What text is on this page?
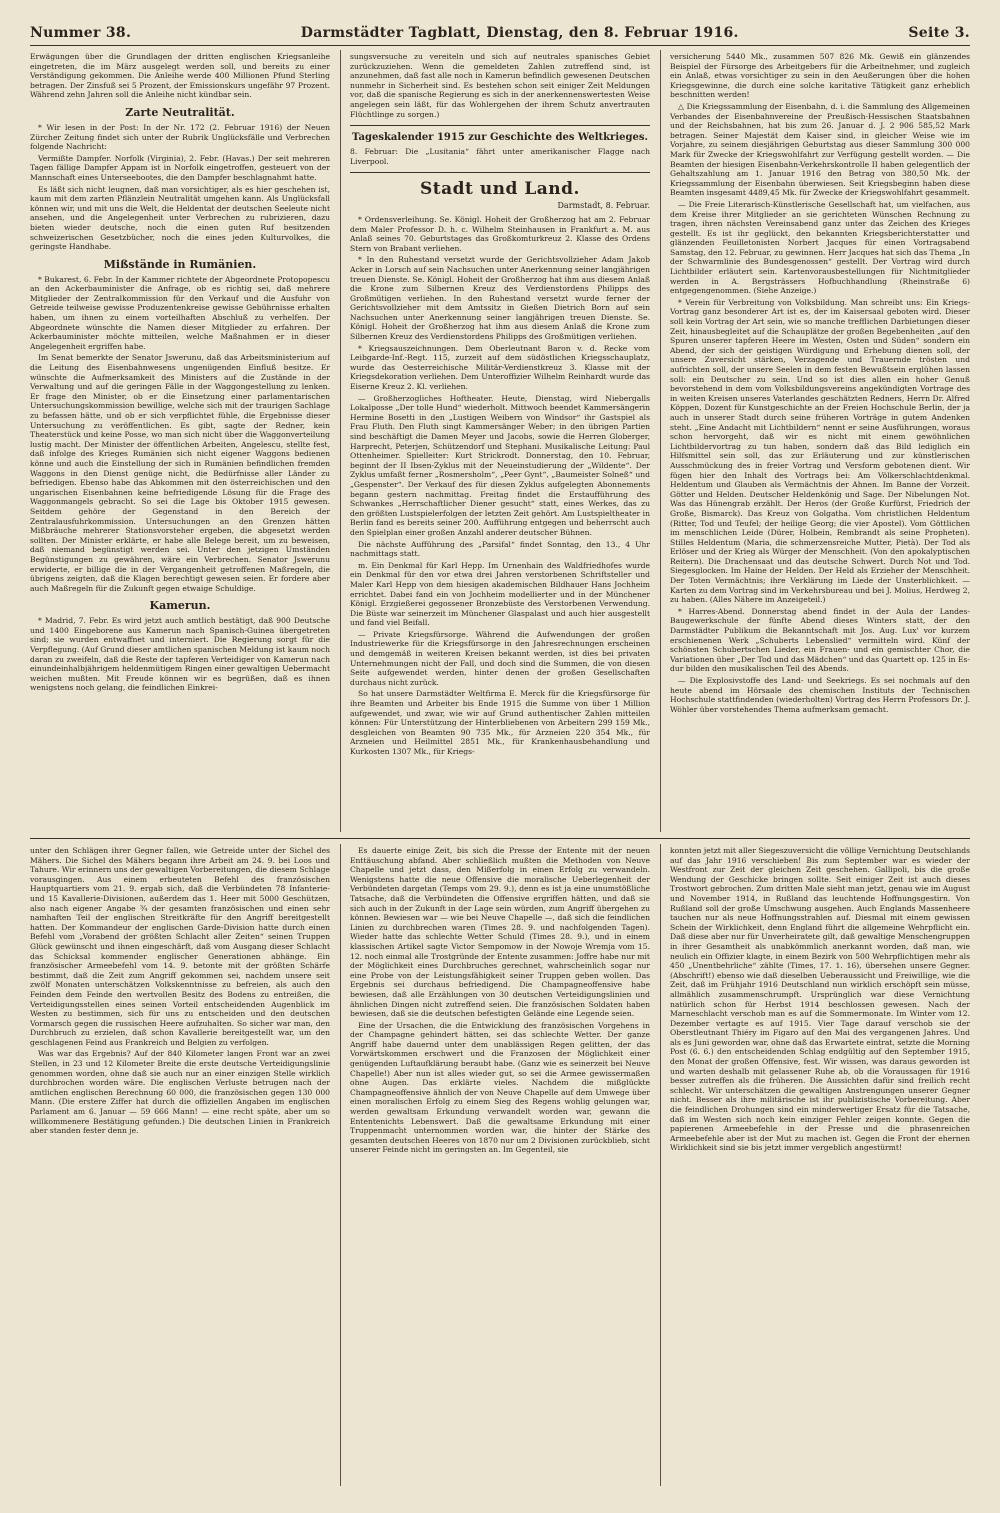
Nummer 38.	Darmstädter Tagblatt, Dienstag, den 8. Februar 1916.	Seite 3.

Erwägungen über die Grundlagen der dritten englischen Kriegsanleihe eingetreten, die im März ausgelegt werden soll, und bereits zu einer Verständigung gekommen. Die Anleihe werde 400 Millionen Pfund Sterling betragen. Der Zinsfuß sei 5 Prozent, der Emissionskurs ungefähr 97 Prozent. Während zehn Jahren soll die Anleihe nicht kündbar sein.

Zarte Neutralität.

* Wir lesen in der Post: In der Nr. 172 (2. Februar 1916) der Neuen Zürcher Zeitung findet sich unter der Rubrik Unglücksfälle und Verbrechen folgende Nachricht:

Vermißte Dampfer. Norfolk (Virginia), 2. Febr. (Havas.) Der seit mehreren Tagen fällige Dampfer Appam ist in Norfolk eingetroffen, gesteuert von der Mannschaft eines Unterseebootes, die den Dampfer beschlagnahmt hatte.

Es läßt sich nicht leugnen, daß man vorsichtiger, als es hier geschehen ist, kaum mit dem zarten Pflänzlein Neutralität umgehen kann. Als Unglücksfall können wir, und mit uns die Welt, die Heldentat der deutschen Seeleute nicht ansehen, und die Angelegenheit unter Verbrechen zu rubrizieren, dazu bieten wieder deutsche, noch die einen guten Ruf besitzenden schweizerischen Gesetzbücher, noch die eines jeden Kulturvolkes, die geringste Handhabe.

Mißstände in Rumänien.

* Bukarest, 6. Febr. In der Kammer richtete der Abgeordnete Protopopescu an den Ackerbauminister die Anfrage, ob es richtig sei, daß mehrere Mitglieder der Zentralkommission für den Verkauf und die Ausfuhr von Getreide teilweise gewisse Produzentenkreise gewisse Gebührnisse erhalten haben, um ihnen zu einem vorteilhaften Abschluß zu verhelfen. Der Abgeordnete wünschte die Namen dieser Mitglieder zu erfahren. Der Ackerbauminister möchte mitteilen, welche Maßnahmen er in dieser Angelegenheit ergriffen habe.

Im Senat bemerkte der Senator Jswerunu, daß das Arbeitsministerium auf die Leitung des Eisenbahnwesens ungenügenden Einfluß besitze. Er wünschte die Aufmerksamkeit des Ministers auf die Zustände in der Verwaltung und auf die geringen Fälle in der Waggongestellung zu lenken. Er frage den Minister, ob er die Einsetzung einer parlamentarischen Untersuchungskommission bewillige, welche sich mit der traurigen Sachlage zu befassen hätte, und ob er sich verpflichtet fühle, die Ergebnisse dieser Untersuchung zu veröffentlichen. Es gibt, sagte der Redner, kein Theaterstück und keine Posse, wo man sich nicht über die Waggonverteilung lustig macht. Der Minister der öffentlichen Arbeiten, Angelescu, stellte fest, daß infolge des Krieges Rumänien sich nicht eigener Waggons bedienen könne und auch die Einstellung der sich in Rumänien befindlichen fremden Waggons in den Dienst genüge nicht, die Bedürfnisse aller Länder zu befriedigen. Ebenso habe das Abkommen mit den österreichischen und den ungarischen Eisenbahnen keine befriedigende Lösung für die Frage des Waggonmangels gebracht. So sei die Lage bis Oktober 1915 gewesen. Seitdem gehöre der Gegenstand in den Bereich der Zentralausfuhrkommission. Untersuchungen an den Grenzen hätten Mißbräuche mehrerer Stationsvorsteher ergeben, die abgesetzt werden sollten. Der Minister erklärte, er habe alle Belege bereit, um zu beweisen, daß niemand begünstigt werden sei. Unter den jetzigen Umständen Begünstigungen zu gewähren, wäre ein Verbrechen. Senator Jswerunu erwiderte, er billige die in der Vergangenheit getroffenen Maßregeln, die übrigens zeigten, daß die Klagen berechtigt gewesen seien. Er fordere aber auch Maßregeln für die Zukunft gegen etwaige Schuldige.

Kamerun.

* Madrid, 7. Febr. Es wird jetzt auch amtlich bestätigt, daß 900 Deutsche und 1400 Eingeborene aus Kamerun nach Spanisch-Guinea übergetreten sind; sie wurden entwaffnet und interniert. Die Regierung sorgt für die Verpflegung. (Auf Grund dieser amtlichen spanischen Meldung ist kaum noch daran zu zweifeln, daß die Reste der tapferen Verteidiger von Kamerun nach einundeinhalbjährigem heldenmütigem Ringen einer gewaltigen Uebermacht weichen mußten. Mit Freude können wir es begrüßen, daß es ihnen wenigstens noch gelang, die feindlichen Einkrei-

sungsversuche zu vereiteln und sich auf neutrales spanisches Gebiet zurückzuziehen. Wenn die gemeldeten Zahlen zutreffend sind, ist anzunehmen, daß fast alle noch in Kamerun befindlich gewesenen Deutschen nunmehr in Sicherheit sind. Es bestehen schon seit einiger Zeit Meldungen vor, daß die spanische Regierung es sich in der anerkennenswertesten Weise angelegen sein läßt, für das Wohlergehen der ihrem Schutz anvertrauten Flüchtlinge zu sorgen.)

Tageskalender 1915 zur Geschichte des Weltkrieges.

8. Februar: Die „Lusitania“ fährt unter amerikanischer Flagge nach Liverpool.

Stadt und Land.
Darmstadt, 8. Februar.

* Ordensverleihung. Se. Königl. Hoheit der Großherzog hat am 2. Februar dem Maler Professor D. h. c. Wilhelm Steinhausen in Frankfurt a. M. aus Anlaß seines 70. Geburtstages das Großkomturkreuz 2. Klasse des Ordens Stern von Brabant verliehen.

* In den Ruhestand versetzt wurde der Gerichtsvollzieher Adam Jakob Acker in Lorsch auf sein Nachsuchen unter Anerkennung seiner langjährigen treuen Dienste. Se. Königl. Hoheit der Großherzog hat ihm aus diesem Anlaß die Krone zum Silbernen Kreuz des Verdienstordens Philipps des Großmütigen verliehen. In den Ruhestand versetzt wurde ferner der Gerichtsvollzieher mit dem Amtssitz in Gießen Dietrich Born auf sein Nachsuchen unter Anerkennung seiner langjährigen treuen Dienste. Se. Königl. Hoheit der Großherzog hat ihm aus diesem Anlaß die Krone zum Silbernen Kreuz des Verdienstordens Philipps des Großmütigen verliehen.

* Kriegsauszeichnungen. Dem Oberleutnant Baron v. d. Recke vom Leibgarde-Inf.-Regt. 115, zurzeit auf dem südöstlichen Kriegsschauplatz, wurde das Oesterreichische Militär-Verdienstkreuz 3. Klasse mit der Kriegsdekoration verliehen. Dem Unteroffizier Wilhelm Reinhardt wurde das Eiserne Kreuz 2. Kl. verliehen.

— Großherzogliches Hoftheater. Heute, Dienstag, wird Niebergalls Lokalposse „Der tolle Hund“ wiederholt. Mittwoch beendet Kammersängerin Hermine Bosetti in den „Lustigen Weibern von Windsor“ ihr Gastspiel als Frau Fluth. Den Fluth singt Kammersänger Weber; in den übrigen Partien sind beschäftigt die Damen Meyer und Jacobs, sowie die Herren Globerger, Harprecht, Peterjen, Schützendorf und Stephani. Musikalische Leitung: Paul Ottenheimer. Spielleiter: Kurt Strickrodt. Donnerstag, den 10. Februar, beginnt der II Ibsen-Zyklus mit der Neueinstudierung der „Wildente“. Der Zyklus umfaßt ferner „Rosmersholm“, „Peer Gynt“, „Baumeister Solneß“ und „Gespenster“. Der Verkauf des für diesen Zyklus aufgelegten Abonnements begann gestern nachmittag. Freitag findet die Erstaufführung des Schwankes „Herrschaftlicher Diener gesucht“ statt, eines Werkes, das zu den größten Lustspielerfolgen der letzten Zeit gehört. Am Lustspieltheater in Berlin fand es bereits seiner 200. Aufführung entgegen und beherrscht auch den Spielplan einer großen Anzahl anderer deutscher Bühnen.

Die nächste Aufführung des „Parsifal“ findet Sonntag, den 13., 4 Uhr nachmittags statt.

m. Ein Denkmal für Karl Hepp. Im Urnenhain des Waldfriedhofes wurde ein Denkmal für den vor etwa drei Jahren verstorbenen Schriftsteller und Maler Karl Hepp von dem hiesigen akademischen Bildhauer Hans Jochheim errichtet. Dabei fand ein von Jochheim modellierter und in der Münchener Königl. Erzgießerei gegossener Bronzebüste des Verstorbenen Verwendung. Die Büste war seinerzeit im Münchener Glaspalast und auch hier ausgestellt und fand viel Beifall.

— Private Kriegsfürsorge. Während die Aufwendungen der großen Industriewerke für die Kriegsfürsorge in den Jahresrechnungen erscheinen und demgemäß in weiteren Kreisen bekannt werden, ist dies bei privaten Unternehmungen nicht der Fall, und doch sind die Summen, die von diesen Seite aufgewendet werden, hinter denen der großen Gesellschaften durchaus nicht zurück.

So hat unsere Darmstädter Weltfirma E. Merck für die Kriegsfürsorge für ihre Beamten und Arbeiter bis Ende 1915 die Summe von über 1 Million aufgewendet, und zwar, wie wir auf Grund authentischer Zahlen mitteilen können: Für Unterstützung der Hinterbliebenen von Arbeitern 299 159 Mk., desgleichen von Beamten 90 735 Mk., für Arzneien 220 354 Mk., für Arzneien und Heilmittel 2851 Mk., für Krankenhausbehandlung und Kurkosten 1307 Mk., für Kriegs-

versicherung 5440 Mk., zusammen 507 826 Mk. Gewiß ein glänzendes Beispiel der Fürsorge des Arbeitgebers für die Arbeitnehmer, und zugleich ein Anlaß, etwas vorsichtiger zu sein in den Aeußerungen über die hohen Kriegsgewinne, die durch eine solche karitative Tätigkeit ganz erheblich beschnitten werden!

△ Die Kriegssammlung der Eisenbahn, d. i. die Sammlung des Allgemeinen Verbandes der Eisenbahnvereine der Preußisch-Hessischen Staatsbahnen und der Reichsbahnen, hat bis zum 26. Januar d. J. 2 906 585,52 Mark betragen. Seiner Majestät dem Kaiser sind, in gleicher Weise wie im Vorjahre, zu seinem diesjährigen Geburtstag aus dieser Sammlung 300 000 Mark für Zwecke der Kriegswohlfahrt zur Verfügung gestellt worden. — Die Beamten der hiesigen Eisenbahn-Verkehrskontrolle II haben gelegentlich der Gehaltszahlung am 1. Januar 1916 den Betrag von 380,50 Mk. der Kriegssammlung der Eisenbahn überwiesen. Seit Kriegsbeginn haben diese Beamten insgesamt 4489,45 Mk. für Zwecke der Kriegswohlfahrt gesammelt.

— Die Freie Literarisch-Künstlerische Gesellschaft hat, um vielfachen, aus dem Kreise ihrer Mitglieder an sie gerichteten Wünschen Rechnung zu tragen, ihren nächsten Vereinsabend ganz unter das Zeichen des Krieges gestellt. Es ist ihr geglückt, den bekannten Kriegsberichterstatter und glänzenden Feuilletonisten Norbert Jacques für einen Vortragsabend Samstag, den 12. Februar, zu gewinnen. Herr Jacques hat sich das Thema „In der Schwarmlinie des Bundesgenossen“ gestellt. Der Vortrag wird durch Lichtbilder erläutert sein. Kartenvorausbestellungen für Nichtmitglieder werden in A. Bergsträssers Hofbuchhandlung (Rheinstraße 6) entgegengenommen. (Siehe Anzeige.)

* Verein für Verbreitung von Volksbildung. Man schreibt uns: Ein Kriegs-Vortrag ganz besonderer Art ist es, der im Kaisersaal geboten wird. Dieser soll kein Vortrag der Art sein, wie so manche trefflichen Darbietungen dieser Zeit, hinausbegleitet auf die Schauplätze der großen Begebenheiten „auf den Spuren unserer tapferen Heere im Westen, Osten und Süden“ sondern ein Abend, der sich der geistigen Würdigung und Erhebung dienen soll, der unsere Zuversicht stärken, Verzagende und Trauernde trösten und aufrichten soll, der unsere Seelen in dem festen Bewußtsein erglühen lassen soll: ein Deutscher zu sein. Und so ist dies allen ein hoher Genuß bevorstehend in dem vom Volksbildungsvereins angekündigten Vortrage des in weiten Kreisen unseres Vaterlandes geschätzten Redners, Herrn Dr. Alfred Köppen, Dozent für Kunstgeschichte an der Freien Hochschule Berlin, der ja auch in unserer Stadt durch seine früheren Vorträge in gutem Andenken steht. „Eine Andacht mit Lichtbildern“ nennt er seine Ausführungen, woraus schon hervorgeht, daß wir es nicht mit einem gewöhnlichen Lichtbildervortrag zu tun haben, sondern daß das Bild lediglich ein Hilfsmittel sein soll, das zur Erläuterung und zur künstlerischen Ausschmückung des in freier Vortrag und Versform gebotenen dient. Wir fügen hier den Inhalt des Vortrags bei: Am Völkerschlachtdenkmal. Heldentum und Glauben als Vermächtnis der Ahnen. Im Banne der Vorzeit. Götter und Helden. Deutscher Heldenkönig und Sage. Der Nibelungen Not. Was das Hünengrab erzählt. Der Heros (der Große Kurfürst, Friedrich der Große, Bismarck). Das Kreuz von Golgatha. Vom christlichen Heldentum (Ritter, Tod und Teufel; der heilige Georg; die vier Apostel). Vom Göttlichen im menschlichen Leide (Dürer, Holbein, Rembrandt als seine Propheten). Stilles Heldentum (Maria, die schmerzensreiche Mutter, Pietà). Der Tod als Erlöser und der Krieg als Würger der Menschheit. (Von den apokalyptischen Reitern). Die Drachensaat und das deutsche Schwert. Durch Not und Tod. Siegesglocken. Im Haine der Helden. Der Held als Erzieher der Menschheit. Der Toten Vermächtnis; ihre Verklärung im Liede der Unsterblichkeit. — Karten zu dem Vortrag sind im Verkehrsbureau und bei J. Molius, Herdweg 2, zu haben. (Alles Nähere im Anzeigeteil.)

* Harres-Abend. Donnerstag abend findet in der Aula der Landes-Baugewerkschule der fünfte Abend dieses Winters statt, der den Darmstädter Publikum die Bekanntschaft mit Jos. Aug. Lux' vor kurzem erschienenen Werk „Schuberts Lebenslied“ vermitteln wird. Künf der schönsten Schubertschen Lieder, ein Frauen- und ein gemischter Chor, die Variationen über „Der Tod und das Mädchen“ und das Quartett op. 125 in Es-dur bilden den musikalischen Teil des Abends.

— Die Explosivstoffe des Land- und Seekriegs. Es sei nochmals auf den heute abend im Hörsaale des chemischen Instituts der Technischen Hochschule stattfindenden (wiederholten) Vortrag des Herrn Professors Dr. J. Wöhler über vorstehendes Thema aufmerksam gemacht.

unter den Schlägen ihrer Gegner fallen, wie Getreide unter der Sichel des Mähers. Die Sichel des Mähers begann ihre Arbeit am 24. 9. bei Loos und Tahure. Wir erinnern uns der gewaltigen Vorbereitungen, die diesem Schlage vorausgingen. Aus einem erbeuteten Befehl des französischen Hauptquartiers vom 21. 9. ergab sich, daß die Verbündeten 78 Infanterie- und 15 Kavallerie-Divisionen, außerdem das 1. Heer mit 5000 Geschützen, also nach eigener Angabe ¾ der gesamten französischen und einen sehr namhaften Teil der englischen Streitkräfte für den Angriff bereitgestellt hatten. Der Kommandeur der englischen Garde-Division hatte durch einen Befehl vom „Vorabend der größten Schlacht aller Zeiten“ seinen Truppen Glück gewünscht und ihnen eingeschärft, daß vom Ausgang dieser Schlacht das Schicksal kommender englischer Generationen abhänge. Ein französischer Armeebefehl vom 14. 9. betonte mit der größten Schärfe bestimmt, daß die Zeit zum Angriff gekommen sei, nachdem unsere seit zwölf Monaten unterschätzen Volkskenntnisse zu befreien, als auch den Feinden dem Feinde den wertvollen Besitz des Bodens zu entreißen, die Verteidigungsstellen eines seinen Vorteil entscheidenden Augenblick im Westen zu bestimmen, sich für uns zu entscheiden und den deutschen Vormarsch gegen die russischen Heere aufzuhalten. So sicher war man, den Durchbruch zu erzielen, daß schon Kavallerie bereitgestellt war, um den geschlagenen Feind aus Frankreich und Belgien zu verfolgen.

Was war das Ergebnis? Auf der 840 Kilometer langen Front war an zwei Stellen, in 23 und 12 Kilometer Breite die erste deutsche Verteidigungslinie genommen worden, ohne daß sie auch nur an einer einzigen Stelle wirklich durchbrochen worden wäre. Die englischen Verluste betrugen nach der amtlichen englischen Berechnung 60 000, die französischen gegen 130 000 Mann. (Die erstere Ziffer hat durch die offiziellen Angaben im englischen Parlament am 6. Januar — 59 666 Mann! — eine recht späte, aber um so willkommenere Bestätigung gefunden.) Die deutschen Linien in Frankreich aber standen fester denn je.

Es dauerte einige Zeit, bis sich die Presse der Entente mit der neuen Enttäuschung abfand. Aber schließlich mußten die Methoden von Neuve Chapelle und jetzt dass, den Mißerfolg in einen Erfolg zu verwandeln. Wenigstens hatte die neue Offensive die moralische Ueberlegenheit der Verbündeten dargetan (Temps vom 29. 9.), denn es ist ja eine unumstößliche Tatsache, daß die Verbündeten die Offensive ergriffen hätten, und daß sie sich auch in der Zukunft in der Lage sein würden, zum Angriff übergehen zu können. Bewiesen war — wie bei Neuve Chapelle —, daß sich die feindlichen Linien zu durchbrechen waren (Times 28. 9. und nachfolgenden Tagen). Wieder hatte das schlechte Wetter Schuld (Times 28. 9.), und in einem klassischen Artikel sagte Victor Sempomow in der Nowoje Wremja vom 15. 12. noch einmal alle Trostgründe der Entente zusammen: Joffre habe nur mit der Möglichkeit eines Durchbruches gerechnet, wahrscheinlich sogar nur eine Probe von der Leistungsfähigkeit seiner Truppen geben wollen. Das Ergebnis sei durchaus befriedigend. Die Champagneoffensive habe bewiesen, daß alle Erzählungen von 30 deutschen Verteidigungslinien und ähnlichen Dingen nicht zutreffend seien. Die französischen Soldaten haben bewiesen, daß sie die deutschen befestigten Gelände eine Legende seien.

Eine der Ursachen, die die Entwicklung des französischen Vorgehens in der Champagne gehindert hätten, sei das schlechte Wetter. Der ganze Angriff habe dauernd unter dem unablässigen Regen gelitten, der das Vorwärtskommen erschwert und die Franzosen der Möglichkeit einer genügenden Luftaufklärung beraubt habe. (Ganz wie es seinerzeit bei Neuve Chapelle!) Aber nun ist alles wieder gut, so sei die Armee gewissermaßen ohne Augen. Das erklärte vieles. Nachdem die mißglückte Champagneoffensive ähnlich der von Neuve Chapelle auf dem Umwege über einen moralischen Erfolg zu einem Sieg des Regens wohlig gelungen war, werden gewaltsam Erkundung verwandelt worden war, gewann die Ententenichts Lebenswert. Daß die gewaltsame Erkundung mit einer Truppenmacht unternommen worden war, die hinter der Stärke des gesamten deutschen Heeres von 1870 nur um 2 Divisionen zurückblieb, sicht unserer Feinde nicht im geringsten an. Im Gegenteil, sie

konnten jetzt mit aller Siegeszuversicht die völlige Vernichtung Deutschlands auf das Jahr 1916 verschieben! Bis zum September war es wieder der Westfront zur Zeit der gleichen Zeit geschehen. Gallipoli, bis die große Wendung der Geschicke bringen sollte. Seit einiger Zeit ist auch dieses Trostwort gebrochen. Zum dritten Male sieht man jetzt, genau wie im August und November 1914, in Rußland das leuchtende Hoffnungsgestirn. Von Rußland soll der große Umschwung ausgehen. Auch Englands Massenheere tauchen nur als neue Hoffnungsstrahlen auf. Diesmal mit einem gewissen Schein der Wirklichkeit, denn England führt die allgemeine Wehrpflicht ein. Daß diese aber nur für Unverheiratete gilt, daß gewaltige Menschengruppen in ihrer Gesamtheit als unabkömmlich anerkannt worden, daß man, wie neulich ein Offizier klagte, in einem Bezirk von 500 Wehrpflichtigen mehr als 450 „Unentbehrliche“ zählte (Times, 17. 1. 16), übersehen unsere Gegner. (Abschrift!) ebenso wie daß dieselben Ueberaussicht und Freiwillige, wie die Zeit, daß im Frühjahr 1916 Deutschland nun wirklich erschöpft sein müsse, allmählich zusammenschrumpft. Ursprünglich war diese Vernichtung natürlich schon für Herbst 1914 beschlossen gewesen. Nach der Marneschlacht verschob man es auf die Sommermonate. Im Winter vom 12. Dezember vertagte es auf 1915. Vier Tage darauf verschob sie der Oberstleutnant Thiéry im Figaro auf den Mai des vergangenen Jahres. Und als es Juni geworden war, ohne daß das Erwartete eintrat, setzte die Morning Post (6. 6.) den entscheidenden Schlag endgültig auf den September 1915, den Monat der großen Offensive, fest. Wir wissen, was daraus geworden ist und warten deshalb mit gelassener Ruhe ab, ob die Voraussagen für 1916 besser zutreffen als die früheren. Die Aussichten dafür sind freilich recht schlecht. Wir unterschätzen die gewaltigen Anstrengungen unserer Gegner nicht. Besser als ihre militärische ist ihr publizistische Vorbereitung. Aber die feindlichen Drohungen sind ein minderwertiger Ersatz für die Tatsache, daß im Westen sich noch kein einziger Fehler zeigen konnte. Gegen die papierenen Armeebefehle in der Presse und die phrasenreichen Armeebefehle aber ist der Mut zu machen ist. Gegen die Front der ehernen Wirklichkeit sind sie bis jetzt immer vergeblich angestürmt!
